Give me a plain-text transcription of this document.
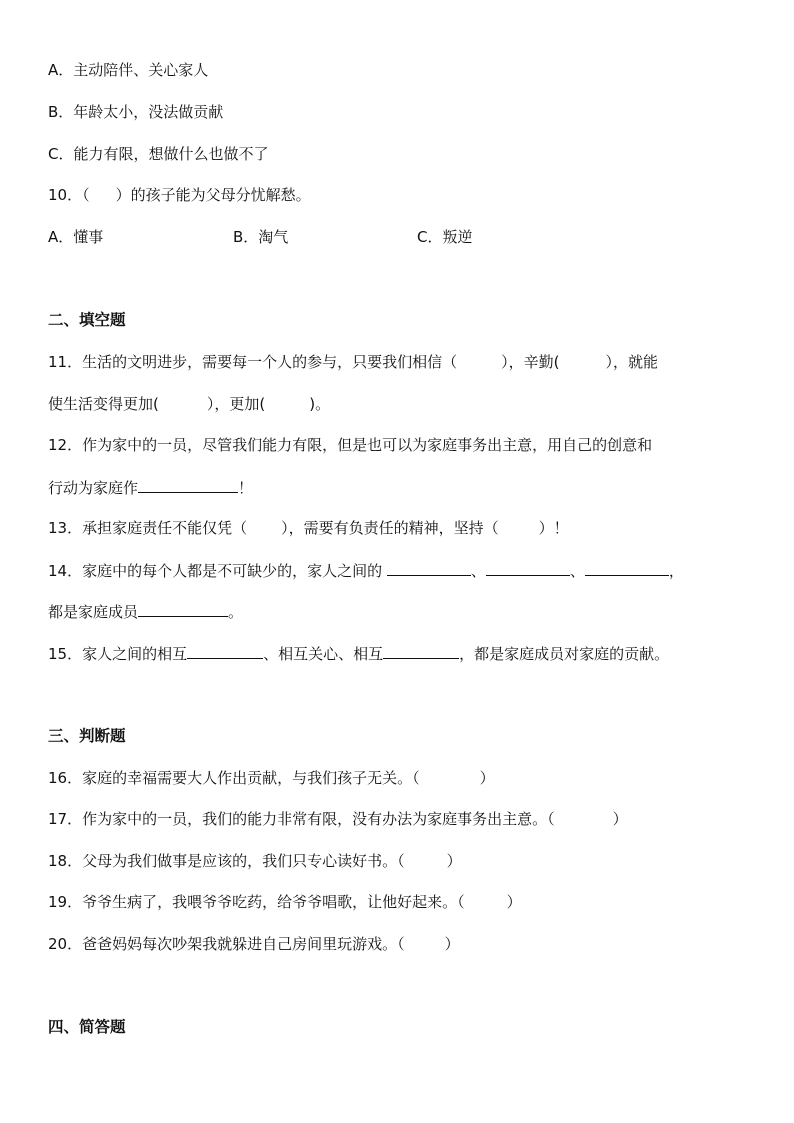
A．主动陪伴、关心家人
B．年龄太小，没法做贡献
C．能力有限，想做什么也做不了
10．（ ）的孩子能为父母分忧解愁。
A．懂事	B．淘气	C．叛逆
二、填空题
11．生活的文明进步，需要每一个人的参与，只要我们相信（	），辛勤(	），就能
使生活变得更加(	），更加(	)。
12．作为家中的一员，尽管我们能力有限，但是也可以为家庭事务出主意，用自己的创意和
行动为家庭作	！
13．承担家庭责任不能仅凭（ ），需要有负责任的精神，坚持（	）！
14．家庭中的每个人都是不可缺少的，家人之间的	、	、	，
都是家庭成员	。
15．家人之间的相互	、相互关心、相互	，都是家庭成员对家庭的贡献。
三、判断题
16．家庭的幸福需要大人作出贡献，与我们孩子无关。（	）
17．作为家中的一员，我们的能力非常有限，没有办法为家庭事务出主意。（	）
18．父母为我们做事是应该的，我们只专心读好书。（	）
19．爷爷生病了，我喂爷爷吃药，给爷爷唱歌，让他好起来。（	）
20．爸爸妈妈每次吵架我就躲进自己房间里玩游戏。（	）
四、简答题
